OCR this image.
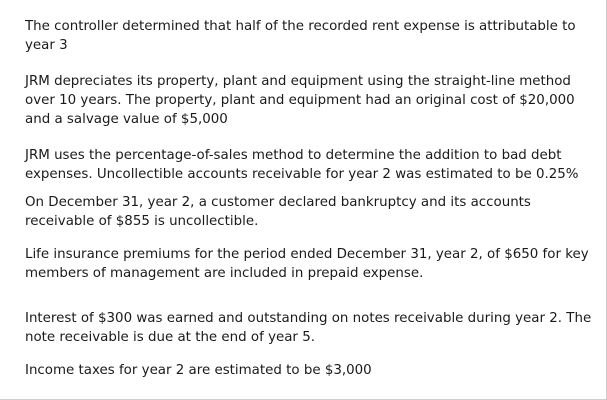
The controller determined that half of the recorded rent expense is attributable to year 3

JRM depreciates its property, plant and equipment using the straight-line method over 10 years. The property, plant and equipment had an original cost of $20,000 and a salvage value of $5,000

JRM uses the percentage-of-sales method to determine the addition to bad debt expenses. Uncollectible accounts receivable for year 2 was estimated to be 0.25%

On December 31, year 2, a customer declared bankruptcy and its accounts receivable of $855 is uncollectible.

Life insurance premiums for the period ended December 31, year 2, of $650 for key members of management are included in prepaid expense.

Interest of $300 was earned and outstanding on notes receivable during year 2. The note receivable is due at the end of year 5.

Income taxes for year 2 are estimated to be $3,000
